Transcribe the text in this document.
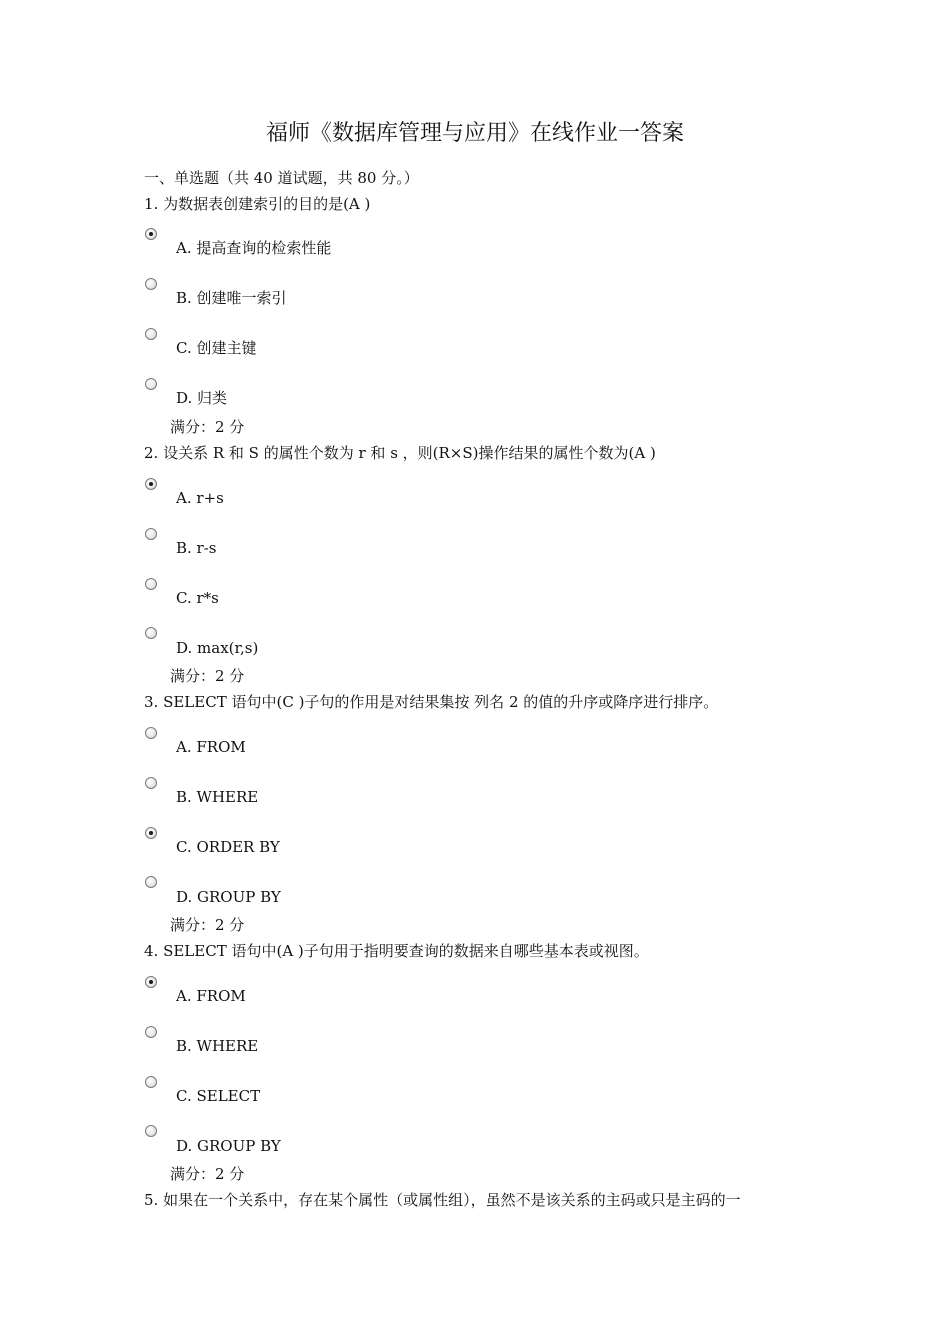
福师《数据库管理与应用》在线作业一答案
一、单选题（共 40 道试题，共 80 分。）
1. 为数据表创建索引的目的是(A )
A. 提高查询的检索性能
B. 创建唯一索引
C. 创建主键
D. 归类
满分：2 分
2. 设关系 R 和 S 的属性个数为 r 和 s ，则(R×S)操作结果的属性个数为(A )
A. r+s
B. r-s
C. r*s
D. max(r,s)
满分：2 分
3. SELECT 语句中(C )子句的作用是对结果集按 列名 2 的值的升序或降序进行排序。
A. FROM
B. WHERE
C. ORDER BY
D. GROUP BY
满分：2 分
4. SELECT 语句中(A )子句用于指明要查询的数据来自哪些基本表或视图。
A. FROM
B. WHERE
C. SELECT
D. GROUP BY
满分：2 分
5. 如果在一个关系中，存在某个属性（或属性组），虽然不是该关系的主码或只是主码的一
